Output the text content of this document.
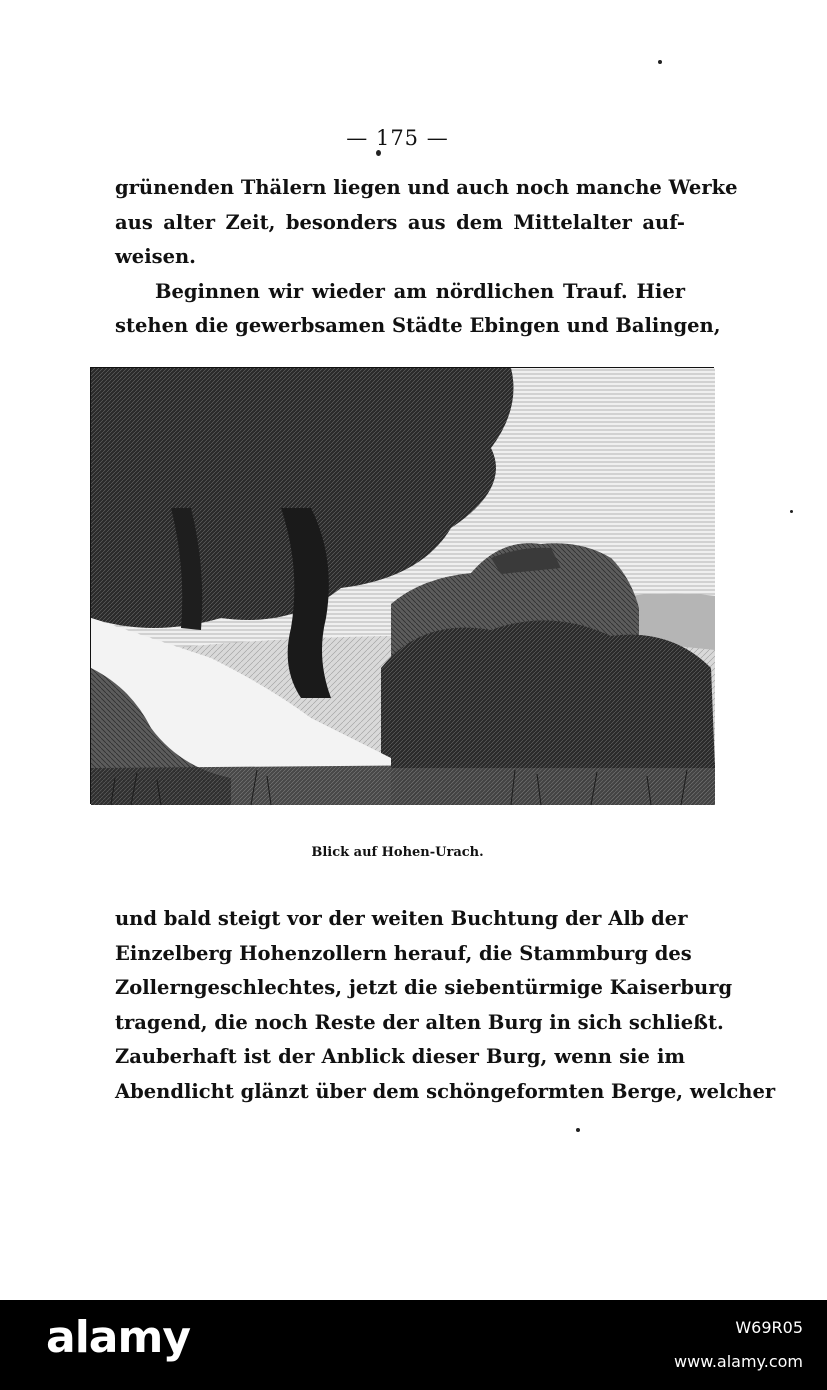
— 175 —
grünenden Thälern liegen und auch noch manche Werke
aus alter Zeit, besonders aus dem Mittelalter auf-
weisen.
Beginnen wir wieder am nördlichen Trauf. Hier
stehen die gewerbsamen Städte Ebingen und Balingen,
Blick auf Hohen-Urach.
und bald steigt vor der weiten Buchtung der Alb der
Einzelberg Hohenzollern herauf, die Stammburg des
Zollerngeschlechtes, jetzt die siebentürmige Kaiserburg
tragend, die noch Reste der alten Burg in sich schließt.
Zauberhaft ist der Anblick dieser Burg, wenn sie im
Abendlicht glänzt über dem schöngeformten Berge, welcher
alamy	W69R05
www.alamy.com
